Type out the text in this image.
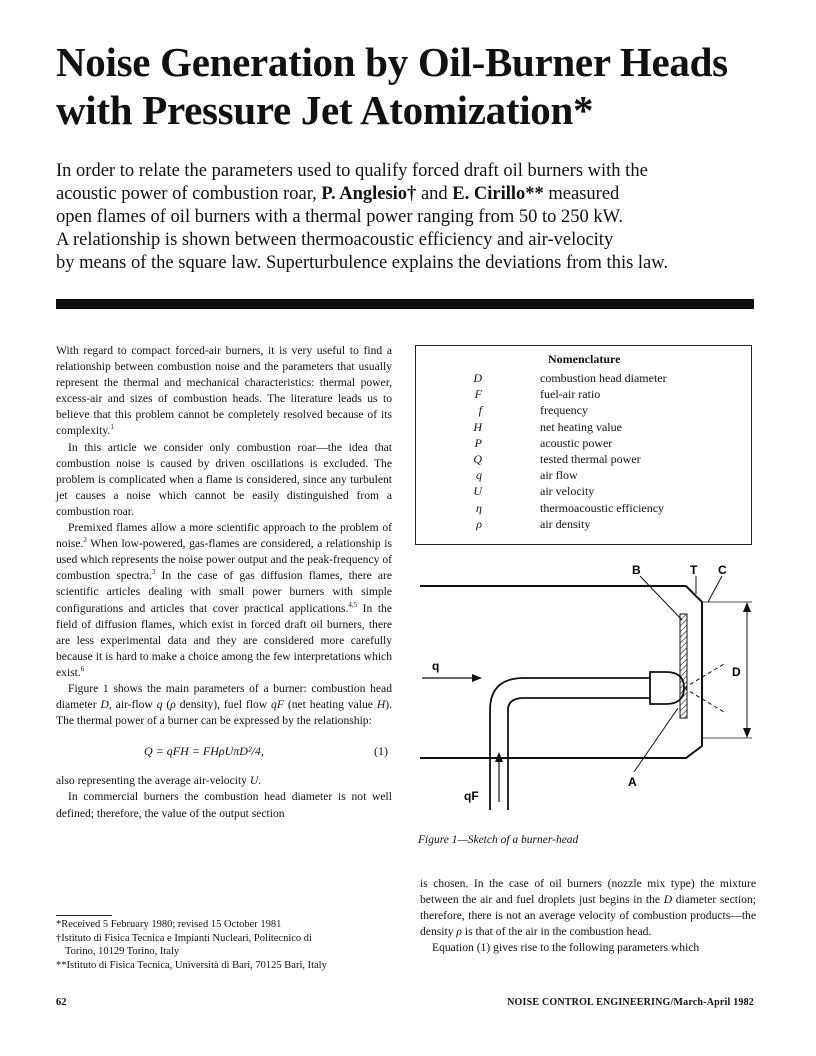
Noise Generation by Oil-Burner Heads
with Pressure Jet Atomization*
In order to relate the parameters used to qualify forced draft oil burners with the
acoustic power of combustion roar, P. Anglesio† and E. Cirillo** measured
open flames of oil burners with a thermal power ranging from 50 to 250 kW.
A relationship is shown between thermoacoustic efficiency and air-velocity
by means of the square law. Superturbulence explains the deviations from this law.

With regard to compact forced-air burners, it is very useful to find a relationship between combustion noise and the parameters that usually represent the thermal and mechanical characteristics: thermal power, excess-air and sizes of combustion heads. The literature leads us to believe that this problem cannot be completely resolved because of its complexity.$^1$

In this article we consider only combustion roar—the idea that combustion noise is caused by driven oscillations is excluded. The problem is complicated when a flame is considered, since any turbulent jet causes a noise which cannot be easily distinguished from a combustion roar.

Premixed flames allow a more scientific approach to the problem of noise.$^2$ When low-powered, gas-flames are considered, a relationship is used which represents the noise power output and the peak-frequency of combustion spectra.$^3$ In the case of gas diffusion flames, there are scientific articles dealing with small power burners with simple configurations and articles that cover practical applications.$^{4,5}$ In the field of diffusion flames, which exist in forced draft oil burners, there are less experimental data and they are considered more carefully because it is hard to make a choice among the few interpretations which exist.$^6$

Figure 1 shows the main parameters of a burner: combustion head diameter D, air-flow q (ρ density), fuel flow qF (net heating value H). The thermal power of a burner can be expressed by the relationship:

Q = qFH = FHρUπD²/4,	(1)

also representing the average air-velocity U.

In commercial burners the combustion head diameter is not well defined; therefore, the value of the output section

Nomenclature
D	combustion head diameter
F	fuel-air ratio
f	frequency
H	net heating value
P	acoustic power
Q	tested thermal power
q	air flow
U	air velocity
η	thermoacoustic efficiency
ρ	air density
q
qF
D
B	T C
A
Figure 1—Sketch of a burner-head

is chosen. In the case of oil burners (nozzle mix type) the mixture between the air and fuel droplets just begins in the D diameter section; therefore, there is not an average velocity of combustion products—the density ρ is that of the air in the combustion head.

Equation (1) gives rise to the following parameters which

*Received 5 February 1980; revised 15 October 1981

†Istituto di Fisica Tecnica e Impianti Nucleari, Politecnico di

Torino, 10129 Torino, Italy

**Istituto di Fisica Tecnica, Università di Bari, 70125 Bari, Italy

62	NOISE CONTROL ENGINEERING/March-April 1982
